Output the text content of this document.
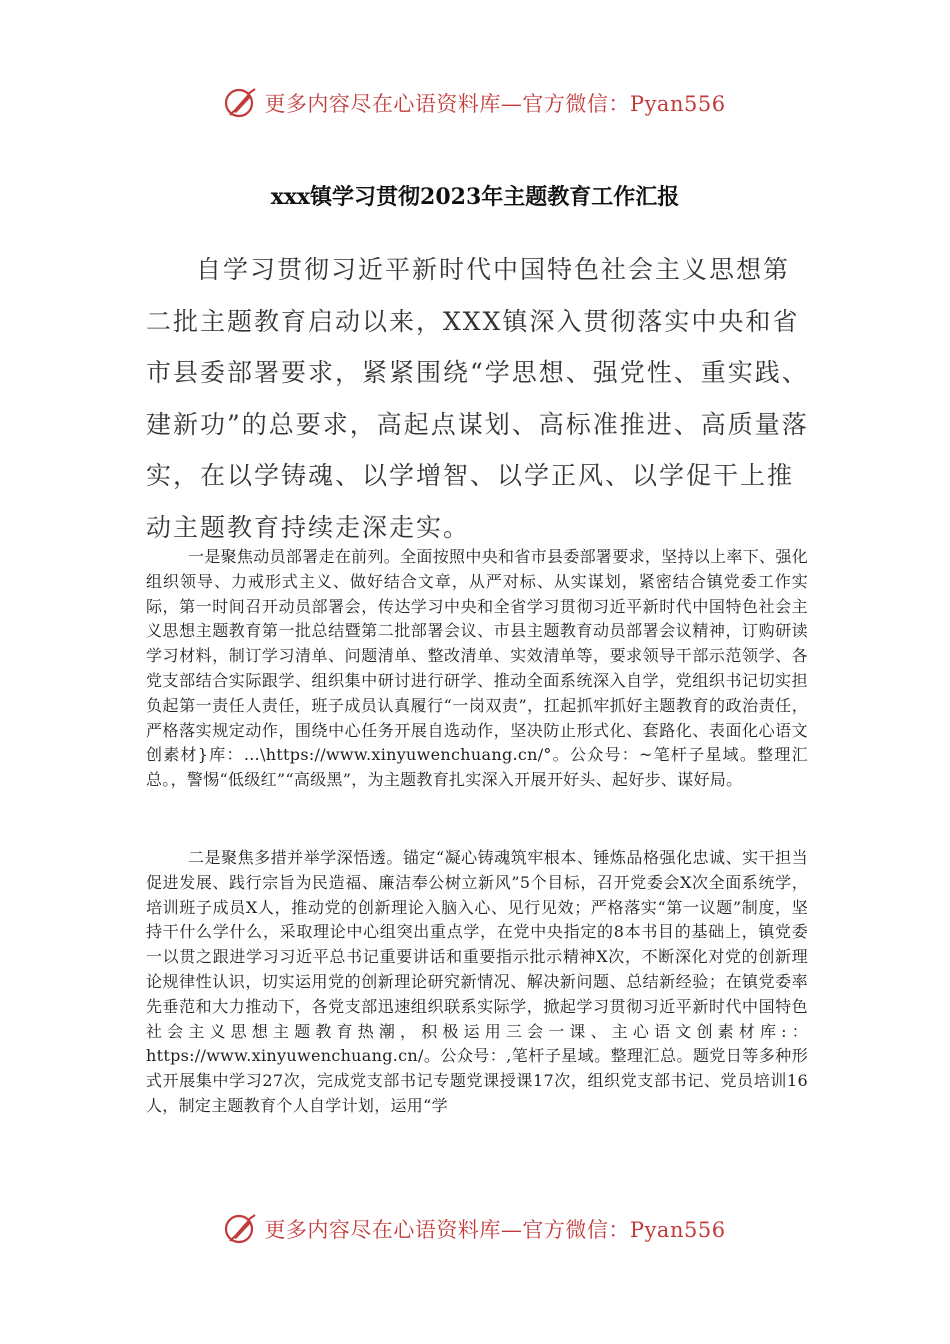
更多内容尽在心语资料库—官方微信：Pyan556
xxx镇学习贯彻2023年主题教育工作汇报

自学习贯彻习近平新时代中国特色社会主义思想第二批主题教育启动以来，XXX镇深入贯彻落实中央和省市县委部署要求，紧紧围绕“学思想、强党性、重实践、建新功”的总要求，高起点谋划、高标准推进、高质量落实，在以学铸魂、以学增智、以学正风、以学促干上推动主题教育持续走深走实。

一是聚焦动员部署走在前列。全面按照中央和省市县委部署要求，坚持以上率下、强化组织领导、力戒形式主义、做好结合文章，从严对标、从实谋划，紧密结合镇党委工作实际，第一时间召开动员部署会，传达学习中央和全省学习贯彻习近平新时代中国特色社会主义思想主题教育第一批总结暨第二批部署会议、市县主题教育动员部署会议精神，订购研读学习材料，制订学习清单、问题清单、整改清单、实效清单等，要求领导干部示范领学、各党支部结合实际跟学、组织集中研讨进行研学、推动全面系统深入自学，党组织书记切实担负起第一责任人责任，班子成员认真履行“一岗双责”，扛起抓牢抓好主题教育的政治责任，严格落实规定动作，围绕中心任务开展自选动作，坚决防止形式化、套路化、表面化心语文创素材}库：…\https://www.xinyuwenchuang.cn/°。公众号：~笔杆子星域。整理汇总。，警惕“低级红”“高级黑”，为主题教育扎实深入开展开好头、起好步、谋好局。

二是聚焦多措并举学深悟透。锚定“凝心铸魂筑牢根本、锤炼品格强化忠诚、实干担当促进发展、践行宗旨为民造福、廉洁奉公树立新风”5个目标，召开党委会X次全面系统学，培训班子成员X人，推动党的创新理论入脑入心、见行见效；严格落实“第一议题”制度，坚持干什么学什么，采取理论中心组突出重点学，在党中央指定的8本书目的基础上，镇党委一以贯之跟进学习习近平总书记重要讲话和重要指示批示精神X次，不断深化对党的创新理论规律性认识，切实运用党的创新理论研究新情况、解决新问题、总结新经验；在镇党委率先垂范和大力推动下，各党支部迅速组织联系实际学，掀起学习贯彻习近平新时代中国特色社会主义思想主题教育热潮，积极运用三会一课、主心语文创素材库:：https://www.xinyuwenchuang.cn/。公众号：,笔杆子星域。整理汇总。题党日等多种形式开展集中学习27次，完成党支部书记专题党课授课17次，组织党支部书记、党员培训16人，制定主题教育个人自学计划，运用“学

更多内容尽在心语资料库—官方微信：Pyan556
